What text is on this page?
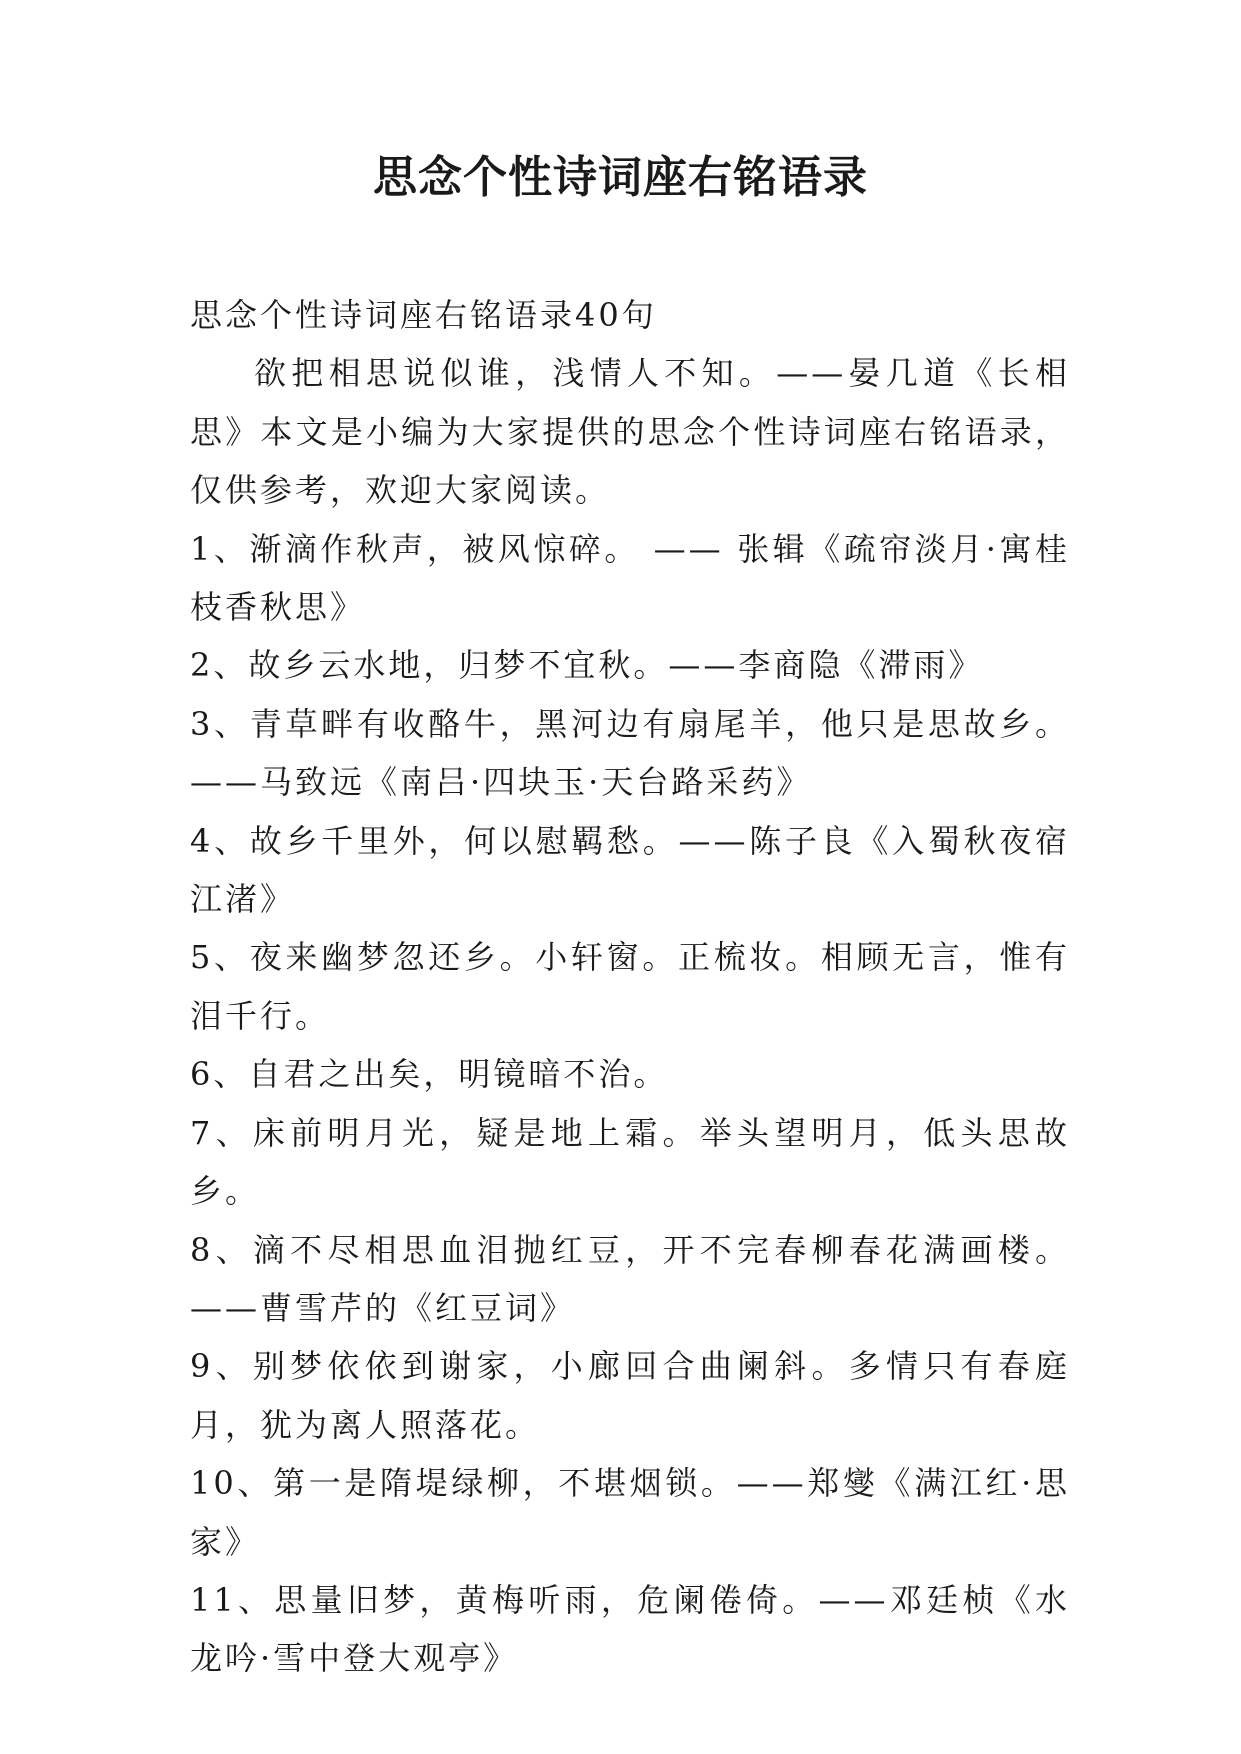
思念个性诗词座右铭语录

思念个性诗词座右铭语录40句

欲把相思说似谁，浅情人不知。——晏几道《长相思》本文是小编为大家提供的思念个性诗词座右铭语录，仅供参考，欢迎大家阅读。

1、渐滴作秋声，被风惊碎。 —— 张辑《疏帘淡月·寓桂枝香秋思》

2、故乡云水地，归梦不宜秋。——李商隐《滞雨》

3、青草畔有收酪牛，黑河边有扇尾羊，他只是思故乡。——马致远《南吕·四块玉·天台路采药》

4、故乡千里外，何以慰羁愁。——陈子良《入蜀秋夜宿江渚》

5、夜来幽梦忽还乡。小轩窗。正梳妆。相顾无言，惟有泪千行。

6、自君之出矣，明镜暗不治。

7、床前明月光，疑是地上霜。举头望明月，低头思故乡。

8、滴不尽相思血泪抛红豆，开不完春柳春花满画楼。——曹雪芹的《红豆词》

9、别梦依依到谢家，小廊回合曲阑斜。多情只有春庭月，犹为离人照落花。

10、第一是隋堤绿柳，不堪烟锁。——郑燮《满江红·思家》

11、思量旧梦，黄梅听雨，危阑倦倚。——邓廷桢《水龙吟·雪中登大观亭》
